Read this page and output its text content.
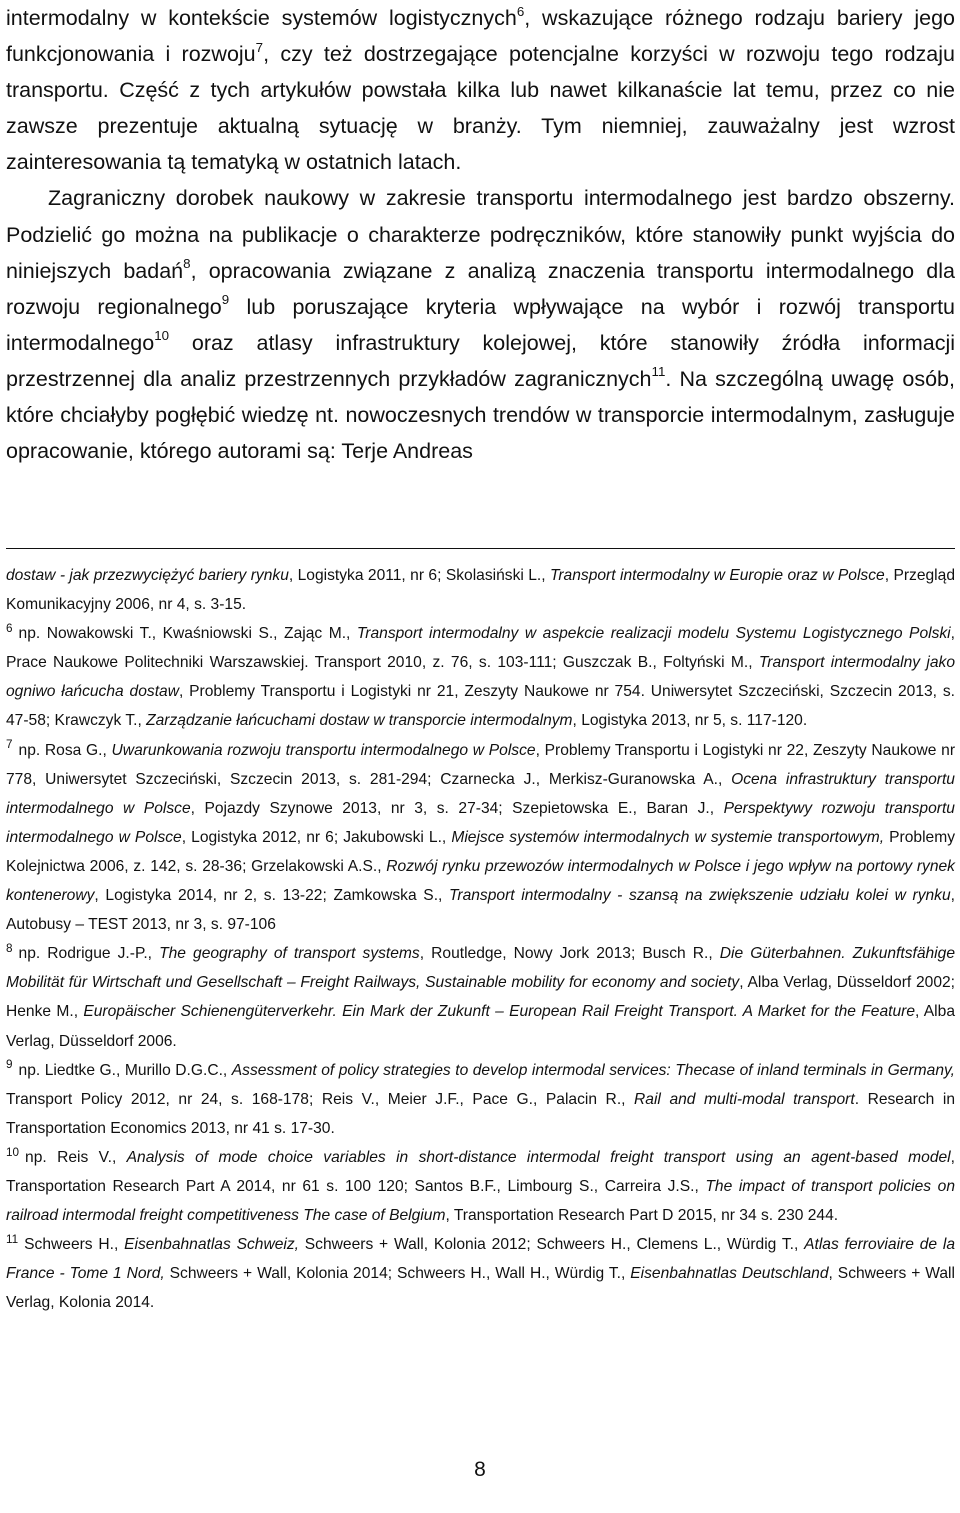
intermodalny w kontekście systemów logistycznych$^6$, wskazujące różnego rodzaju bariery jego funkcjonowania i rozwoju$^7$, czy też dostrzegające potencjalne korzyści w rozwoju tego rodzaju transportu. Część z tych artykułów powstała kilka lub nawet kilkanaście lat temu, przez co nie zawsze prezentuje aktualną sytuację w branży. Tym niemniej, zauważalny jest wzrost zainteresowania tą tematyką w ostatnich latach.

Zagraniczny dorobek naukowy w zakresie transportu intermodalnego jest bardzo obszerny. Podzielić go można na publikacje o charakterze podręczników, które stanowiły punkt wyjścia do niniejszych badań$^8$, opracowania związane z analizą znaczenia transportu intermodalnego dla rozwoju regionalnego$^9$ lub poruszające kryteria wpływające na wybór i rozwój transportu intermodalnego$^{10}$ oraz atlasy infrastruktury kolejowej, które stanowiły źródła informacji przestrzennej dla analiz przestrzennych przykładów zagranicznych$^{11}$. Na szczególną uwagę osób, które chciałyby pogłębić wiedzę nt. nowoczesnych trendów w transporcie intermodalnym, zasługuje opracowanie, którego autorami są: Terje Andreas

dostaw - jak przezwyciężyć bariery rynku, Logistyka 2011, nr 6; Skolasiński L., Transport intermodalny w Europie oraz w Polsce, Przegląd Komunikacyjny 2006, nr 4, s. 3-15.

$^6$ np. Nowakowski T., Kwaśniowski S., Zając M., Transport intermodalny w aspekcie realizacji modelu Systemu Logistycznego Polski, Prace Naukowe Politechniki Warszawskiej. Transport 2010, z. 76, s. 103-111; Guszczak B., Foltyński M., Transport intermodalny jako ogniwo łańcucha dostaw, Problemy Transportu i Logistyki nr 21, Zeszyty Naukowe nr 754. Uniwersytet Szczeciński, Szczecin 2013, s. 47-58; Krawczyk T., Zarządzanie łańcuchami dostaw w transporcie intermodalnym, Logistyka 2013, nr 5, s. 117-120.

$^7$ np. Rosa G., Uwarunkowania rozwoju transportu intermodalnego w Polsce, Problemy Transportu i Logistyki nr 22, Zeszyty Naukowe nr 778, Uniwersytet Szczeciński, Szczecin 2013, s. 281-294; Czarnecka J., Merkisz-Guranowska A., Ocena infrastruktury transportu intermodalnego w Polsce, Pojazdy Szynowe 2013, nr 3, s. 27-34; Szepietowska E., Baran J., Perspektywy rozwoju transportu intermodalnego w Polsce, Logistyka 2012, nr 6; Jakubowski L., Miejsce systemów intermodalnych w systemie transportowym, Problemy Kolejnictwa 2006, z. 142, s. 28-36; Grzelakowski A.S., Rozwój rynku przewozów intermodalnych w Polsce i jego wpływ na portowy rynek kontenerowy, Logistyka 2014, nr 2, s. 13-22; Zamkowska S., Transport intermodalny - szansą na zwiększenie udziału kolei w rynku, Autobusy – TEST 2013, nr 3, s. 97-106

$^8$ np. Rodrigue J.-P., The geography of transport systems, Routledge, Nowy Jork 2013; Busch R., Die Güterbahnen. Zukunftsfähige Mobilität für Wirtschaft und Gesellschaft – Freight Railways, Sustainable mobility for economy and society, Alba Verlag, Düsseldorf 2002; Henke M., Europäischer Schienengüterverkehr. Ein Mark der Zukunft – European Rail Freight Transport. A Market for the Feature, Alba Verlag, Düsseldorf 2006.

$^9$ np. Liedtke G., Murillo D.G.C., Assessment of policy strategies to develop intermodal services: Thecase of inland terminals in Germany, Transport Policy 2012, nr 24, s. 168-178; Reis V., Meier J.F., Pace G., Palacin R., Rail and multi-modal transport. Research in Transportation Economics 2013, nr 41 s. 17-30.

$^{10}$ np. Reis V., Analysis of mode choice variables in short-distance intermodal freight transport using an agent-based model, Transportation Research Part A 2014, nr 61 s. 100 120; Santos B.F., Limbourg S., Carreira J.S., The impact of transport policies on railroad intermodal freight competitiveness The case of Belgium, Transportation Research Part D 2015, nr 34 s. 230 244.

$^{11}$ Schweers H., Eisenbahnatlas Schweiz, Schweers + Wall, Kolonia 2012; Schweers H., Clemens L., Würdig T., Atlas ferroviaire de la France - Tome 1 Nord, Schweers + Wall, Kolonia 2014; Schweers H., Wall H., Würdig T., Eisenbahnatlas Deutschland, Schweers + Wall Verlag, Kolonia 2014.

8
